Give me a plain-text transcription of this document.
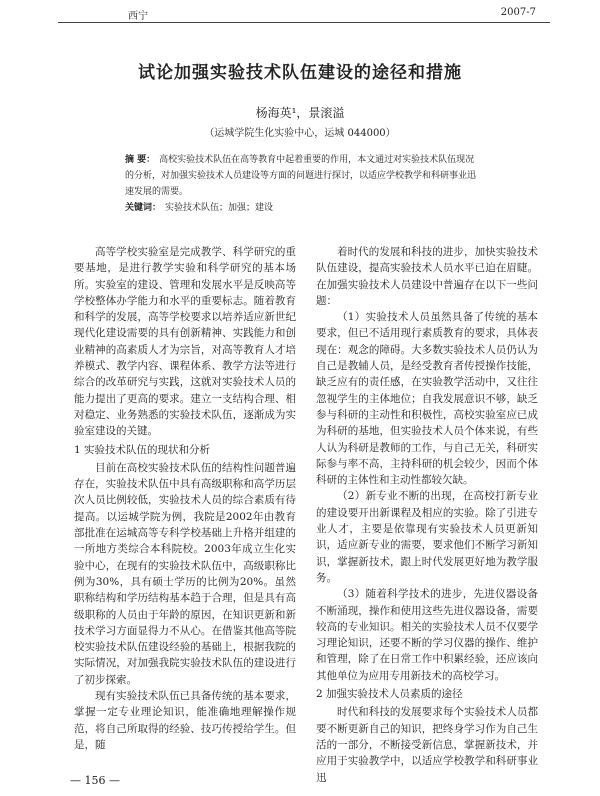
西宁	2007-7
试论加强实验技术队伍建设的途径和措施
杨海英¹，景滚溢
（运城学院生化实验中心，运城 044000）
摘 要： 高校实验技术队伍在高等教育中起着重要的作用，本文通过对实验技术队伍现况的分析，对加强实验技术人员建设等方面的问题进行探讨，以适应学校教学和科研事业迅速发展的需要。
关键词： 实验技术队伍；加强；建设

高等学校实验室是完成教学、科学研究的重要基地，是进行教学实验和科学研究的基本场所。实验室的建设、管理和发展水平是反映高等学校整体办学能力和水平的重要标志。随着教育和科学的发展，高等学校要求以培养适应新世纪现代化建设需要的具有创新精神、实践能力和创业精神的高素质人才为宗旨，对高等教育人才培养模式、教学内容、课程体系、教学方法等进行综合的改革研究与实践，这就对实验技术人员的能力提出了更高的要求。建立一支结构合理、相对稳定、业务熟悉的实验技术队伍，逐渐成为实验室建设的关键。

1 实验技术队伍的现状和分析

目前在高校实验技术队伍的结构性问题普遍存在，实验技术队伍中具有高级职称和高学历层次人员比例较低，实验技术人员的综合素质有待提高。以运城学院为例，我院是2002年由教育部批准在运城高等专科学校基础上升格并组建的一所地方类综合本科院校。2003年成立生化实验中心，在现有的实验技术队伍中，高级职称比例为30%，具有硕士学历的比例为20%。虽然职称结构和学历结构基本趋于合理，但是具有高级职称的人员由于年龄的原因，在知识更新和新技术学习方面显得力不从心。在借鉴其他高等院校实验技术队伍建设经验的基础上，根据我院的实际情况，对加强我院实验技术队伍的建设进行了初步探索。

现有实验技术队伍已具备传统的基本要求，掌握一定专业理论知识，能准确地理解操作规范，将自己所取得的经验、技巧传授给学生。但是，随

着时代的发展和科技的进步，加快实验技术队伍建设，提高实验技术人员水平已迫在眉睫。在加强实验技术人员建设中普遍存在以下一些问题：

（1）实验技术人员虽然具备了传统的基本要求，但已不适用现行素质教育的要求，具体表现在：观念的障碍。大多数实验技术人员仍认为自己是教辅人员，是经受教育者传授操作技能，缺乏应有的责任感，在实验教学活动中，又往往忽视学生的主体地位；自我发展意识不够，缺乏参与科研的主动性和积极性，高校实验室应已成为科研的基地，但实验技术人员个体来说，有些人认为科研是教师的工作，与自己无关，科研实际参与率不高，主持科研的机会较少，因而个体科研的主体性和主动性都较欠缺。

（2）新专业不断的出现，在高校打新专业的建设要开出新课程及相应的实验。除了引进专业人才，主要是依靠现有实验技术人员更新知识，适应新专业的需要，要求他们不断学习新知识，掌握新技术，跟上时代发展更好地为教学服务。

（3）随着科学技术的进步，先进仪器设备不断涌现，操作和使用这些先进仪器设备，需要较高的专业知识。相关的实验技术人员不仅要学习理论知识，还要不断的学习仪器的操作、维护和管理，除了在日常工作中积累经验，还应该向其他单位为应用专用新技术的高校学习。

2 加强实验技术人员素质的途径

时代和科技的发展要求每个实验技术人员都要不断更新自己的知识，把终身学习作为自己生活的一部分，不断接受新信息，掌握新技术，并应用于实验教学中，以适应学校教学和科研事业迅

— 156 —
